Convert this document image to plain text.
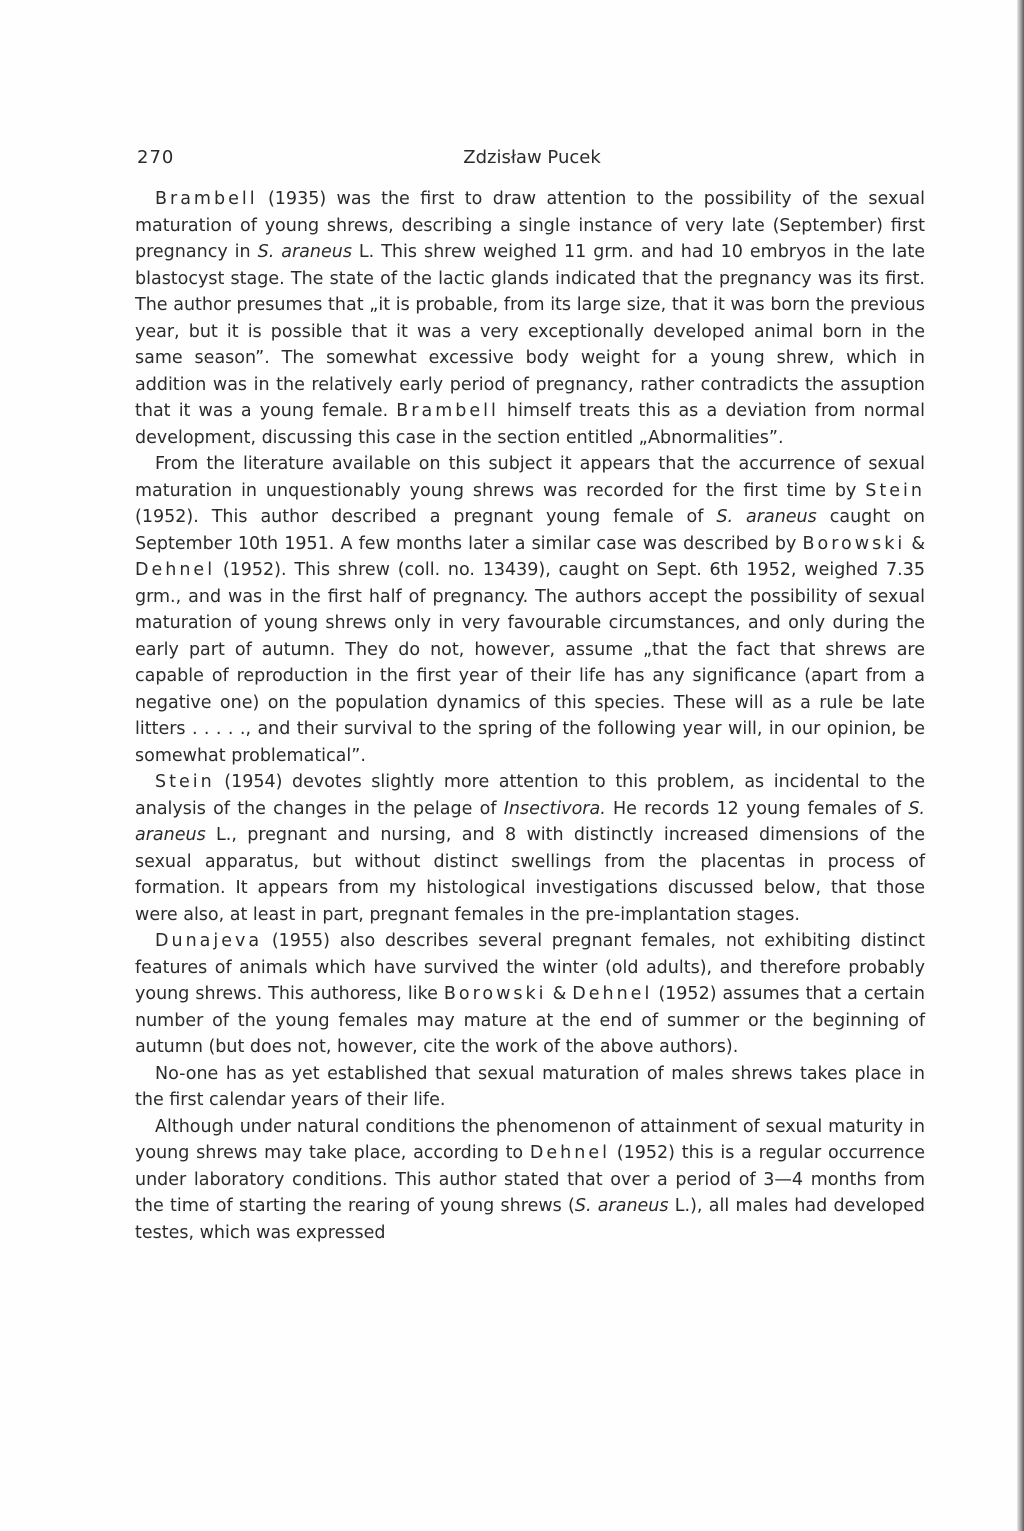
270	Zdzisław Pucek

Brambell (1935) was the first to draw attention to the possibility of the sexual maturation of young shrews, describing a single instance of very late (September) first pregnancy in S. araneus L. This shrew weighed 11 grm. and had 10 embryos in the late blastocyst stage. The state of the lactic glands indicated that the pregnancy was its first. The author presumes that „it is probable, from its large size, that it was born the previous year, but it is possible that it was a very exceptionally developed animal born in the same season”. The somewhat excessive body weight for a young shrew, which in addition was in the relatively early period of pregnancy, rather contradicts the assuption that it was a young female. Brambell himself treats this as a deviation from normal development, discussing this case in the section entitled „Abnormalities”.

From the literature available on this subject it appears that the accurrence of sexual maturation in unquestionably young shrews was recorded for the first time by Stein (1952). This author described a pregnant young female of S. araneus caught on September 10th 1951. A few months later a similar case was described by Borowski & Dehnel (1952). This shrew (coll. no. 13439), caught on Sept. 6th 1952, weighed 7.35 grm., and was in the first half of pregnancy. The authors accept the possibility of sexual maturation of young shrews only in very favourable circumstances, and only during the early part of autumn. They do not, however, assume „that the fact that shrews are capable of reproduction in the first year of their life has any significance (apart from a negative one) on the population dynamics of this species. These will as a rule be late litters . . . . ., and their survival to the spring of the following year will, in our opinion, be somewhat problematical”.

Stein (1954) devotes slightly more attention to this problem, as incidental to the analysis of the changes in the pelage of Insectivora. He records 12 young females of S. araneus L., pregnant and nursing, and 8 with distinctly increased dimensions of the sexual apparatus, but without distinct swellings from the placentas in process of formation. It appears from my histological investigations discussed below, that those were also, at least in part, pregnant females in the pre-implantation stages.

Dunajeva (1955) also describes several pregnant females, not exhibiting distinct features of animals which have survived the winter (old adults), and therefore probably young shrews. This authoress, like Borowski & Dehnel (1952) assumes that a certain number of the young females may mature at the end of summer or the beginning of autumn (but does not, however, cite the work of the above authors).

No-one has as yet established that sexual maturation of males shrews takes place in the first calendar years of their life.

Although under natural conditions the phenomenon of attainment of sexual maturity in young shrews may take place, according to Dehnel (1952) this is a regular occurrence under laboratory conditions. This author stated that over a period of 3—4 months from the time of starting the rearing of young shrews (S. araneus L.), all males had developed testes, which was expressed
